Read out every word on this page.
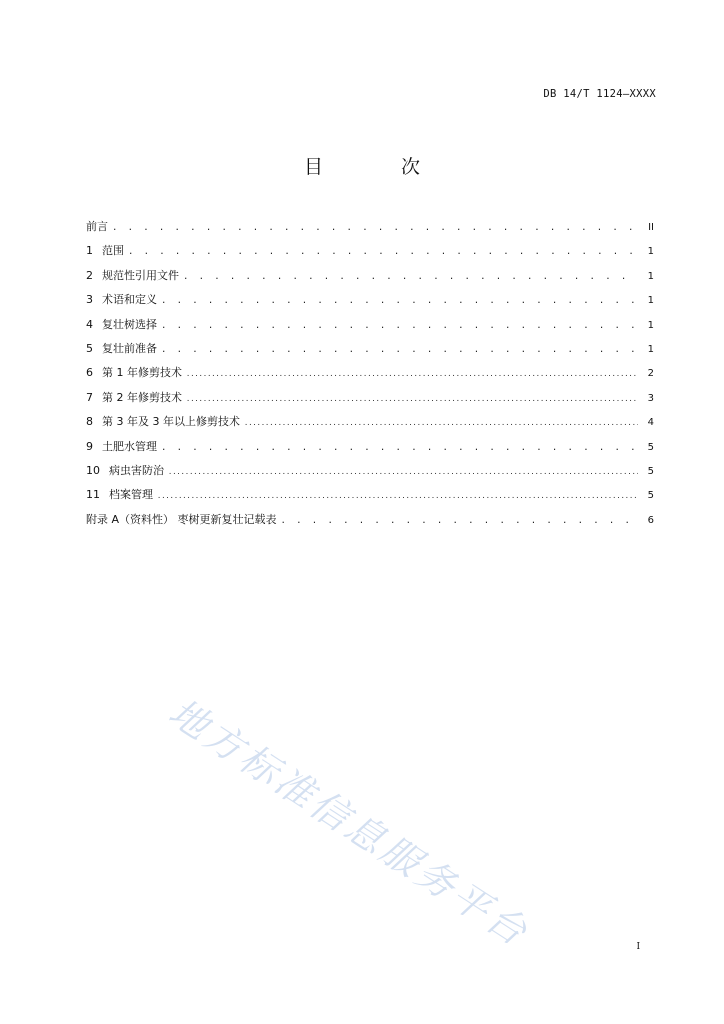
DB 14/T 1124—XXXX
目 次
前言 . . .	II
1 范围 . . .	1
2 规范性引用文件 . . .	1
3 术语和定义 . . .	1
4 复壮树选择 . . .	1
5 复壮前准备 . . .	1
6 第 1 年修剪技术 .....	2
7 第 2 年修剪技术 .....	3
8 第 3 年及 3 年以上修剪技术 .....	4
9 土肥水管理 . . .	5
10 病虫害防治 .....	5
11 档案管理 .....	5
附录 A（资料性） 枣树更新复壮记载表 . . .	6
地方标准信息服务平台	I
